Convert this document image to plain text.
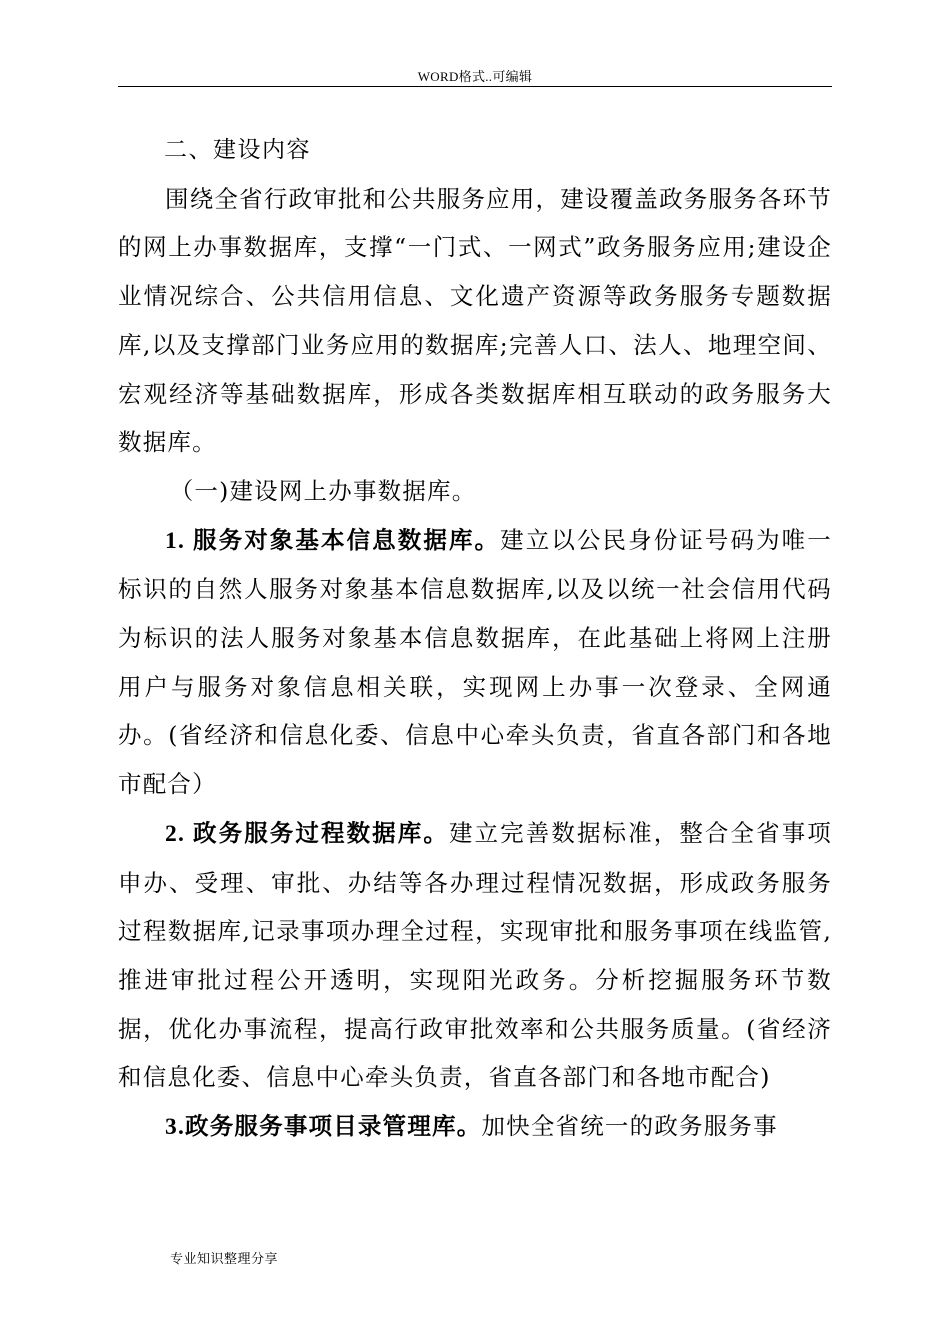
WORD格式..可编辑

二、建设内容

围绕全省行政审批和公共服务应用，建设覆盖政务服务各环节的网上办事数据库，支撑“一门式、一网式”政务服务应用;建设企业情况综合、公共信用信息、文化遗产资源等政务服务专题数据库,以及支撑部门业务应用的数据库;完善人口、法人、地理空间、宏观经济等基础数据库，形成各类数据库相互联动的政务服务大数据库。

（一)建设网上办事数据库。

1. 服务对象基本信息数据库。建立以公民身份证号码为唯一标识的自然人服务对象基本信息数据库,以及以统一社会信用代码为标识的法人服务对象基本信息数据库，在此基础上将网上注册用户与服务对象信息相关联，实现网上办事一次登录、全网通办。(省经济和信息化委、信息中心牵头负责，省直各部门和各地市配合）

2. 政务服务过程数据库。建立完善数据标准，整合全省事项申办、受理、审批、办结等各办理过程情况数据，形成政务服务过程数据库,记录事项办理全过程，实现审批和服务事项在线监管,推进审批过程公开透明，实现阳光政务。分析挖掘服务环节数据，优化办事流程，提高行政审批效率和公共服务质量。(省经济和信息化委、信息中心牵头负责，省直各部门和各地市配合)

3.政务服务事项目录管理库。加快全省统一的政务服务事

专业知识整理分享
